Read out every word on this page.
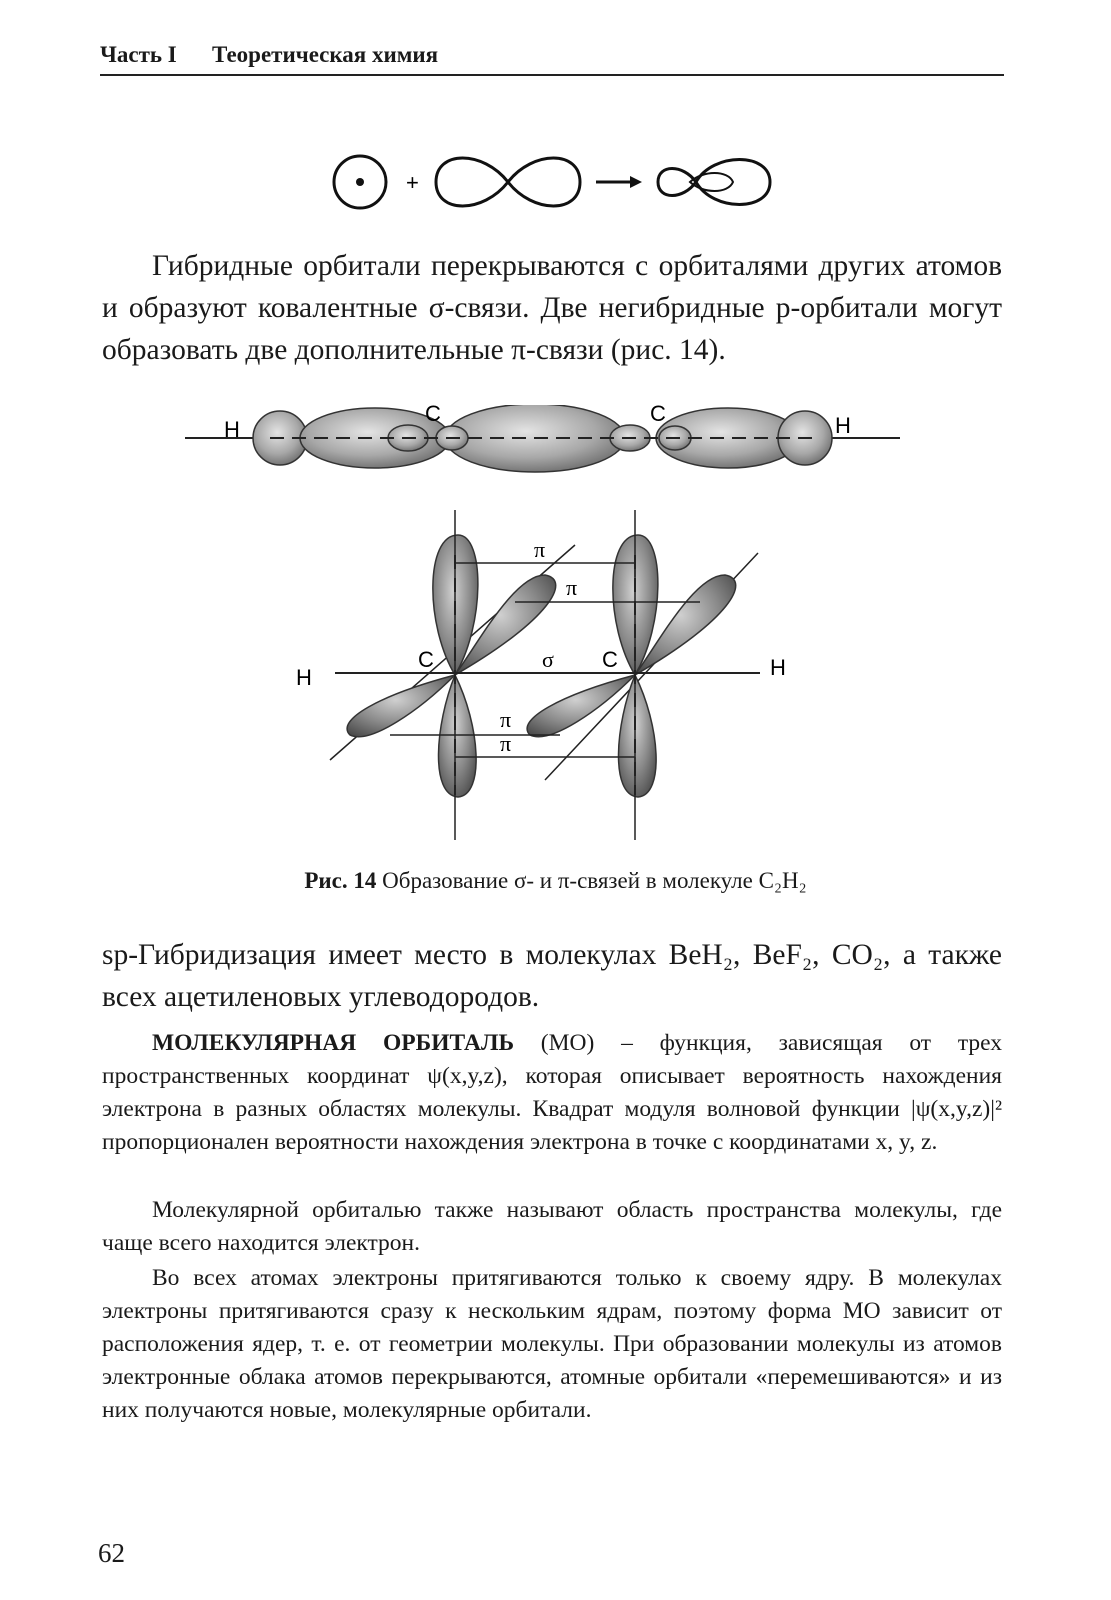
Часть I Теоретическая химия
+

Гибридные орбитали перекрываются с орбиталями других атомов и образуют ковалентные σ-связи. Две негибридные p-орбитали могут образовать две дополнительные π-связи (рис. 14).

H
C	C	H
H	H
C	C
σ
π
π
π
π
Рис. 14 Образование σ- и π-связей в молекуле C₂H₂

sp-Гибридизация имеет место в молекулах BeH₂, BeF₂, CO₂, а также всех ацетиленовых углеводородов.

МОЛЕКУЛЯРНАЯ ОРБИТАЛЬ (МО) – функция, зависящая от трех пространственных координат ψ(x,y,z), которая описывает вероятность нахождения электрона в разных областях молекулы. Квадрат модуля волновой функции |ψ(x,y,z)|² пропорционален вероятности нахождения электрона в точке с координатами x, y, z.

Молекулярной орбиталью также называют область пространства молекулы, где чаще всего находится электрон.

Во всех атомах электроны притягиваются только к своему ядру. В молекулах электроны притягиваются сразу к нескольким ядрам, поэтому форма МО зависит от расположения ядер, т. е. от геометрии молекулы. При образовании молекулы из атомов электронные облака атомов перекрываются, атомные орбитали «перемешиваются» и из них получаются новые, молекулярные орбитали.

62
